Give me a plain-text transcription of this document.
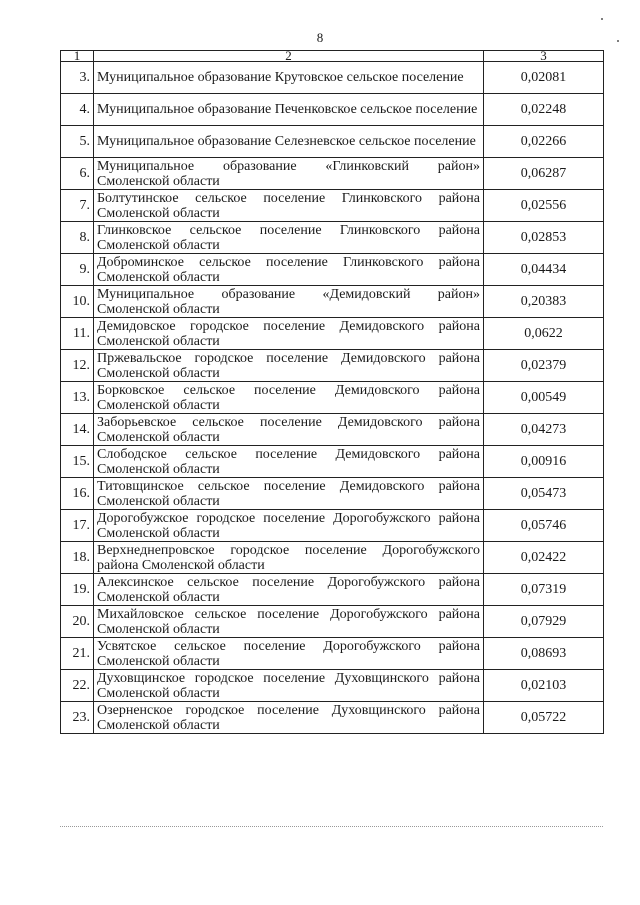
8
1	2	3
3.	Муниципальное образование Крутовское сельское поселение	0,02081
4.	Муниципальное образование Печенковское сельское поселение	0,02248
5.	Муниципальное образование Селезневское сельское поселение	0,02266
6.	Муниципальное образование «Глинковский район» Смоленской области	0,06287
7.	Болтутинское сельское поселение Глинковского района Смоленской области	0,02556
8.	Глинковское сельское поселение Глинковского района Смоленской области	0,02853
9.	Доброминское сельское поселение Глинковского района Смоленской области	0,04434
10.	Муниципальное образование «Демидовский район» Смоленской области	0,20383
11.	Демидовское городское поселение Демидовского района Смоленской области	0,0622
12.	Пржевальское городское поселение Демидовского района Смоленской области	0,02379
13.	Борковское сельское поселение Демидовского района Смоленской области	0,00549
14.	Заборьевское сельское поселение Демидовского района Смоленской области	0,04273
15.	Слободское сельское поселение Демидовского района Смоленской области	0,00916
16.	Титовщинское сельское поселение Демидовского района Смоленской области	0,05473
17.	Дорогобужское городское поселение Дорогобужского района Смоленской области	0,05746
18.	Верхнеднепровское городское поселение Дорогобужского района Смоленской области	0,02422
19.	Алексинское сельское поселение Дорогобужского района Смоленской области	0,07319
20.	Михайловское сельское поселение Дорогобужского района Смоленской области	0,07929
21.	Усвятское сельское поселение Дорогобужского района Смоленской области	0,08693
22.	Духовщинское городское поселение Духовщинского района Смоленской области	0,02103
23.	Озерненское городское поселение Духовщинского района Смоленской области	0,05722
